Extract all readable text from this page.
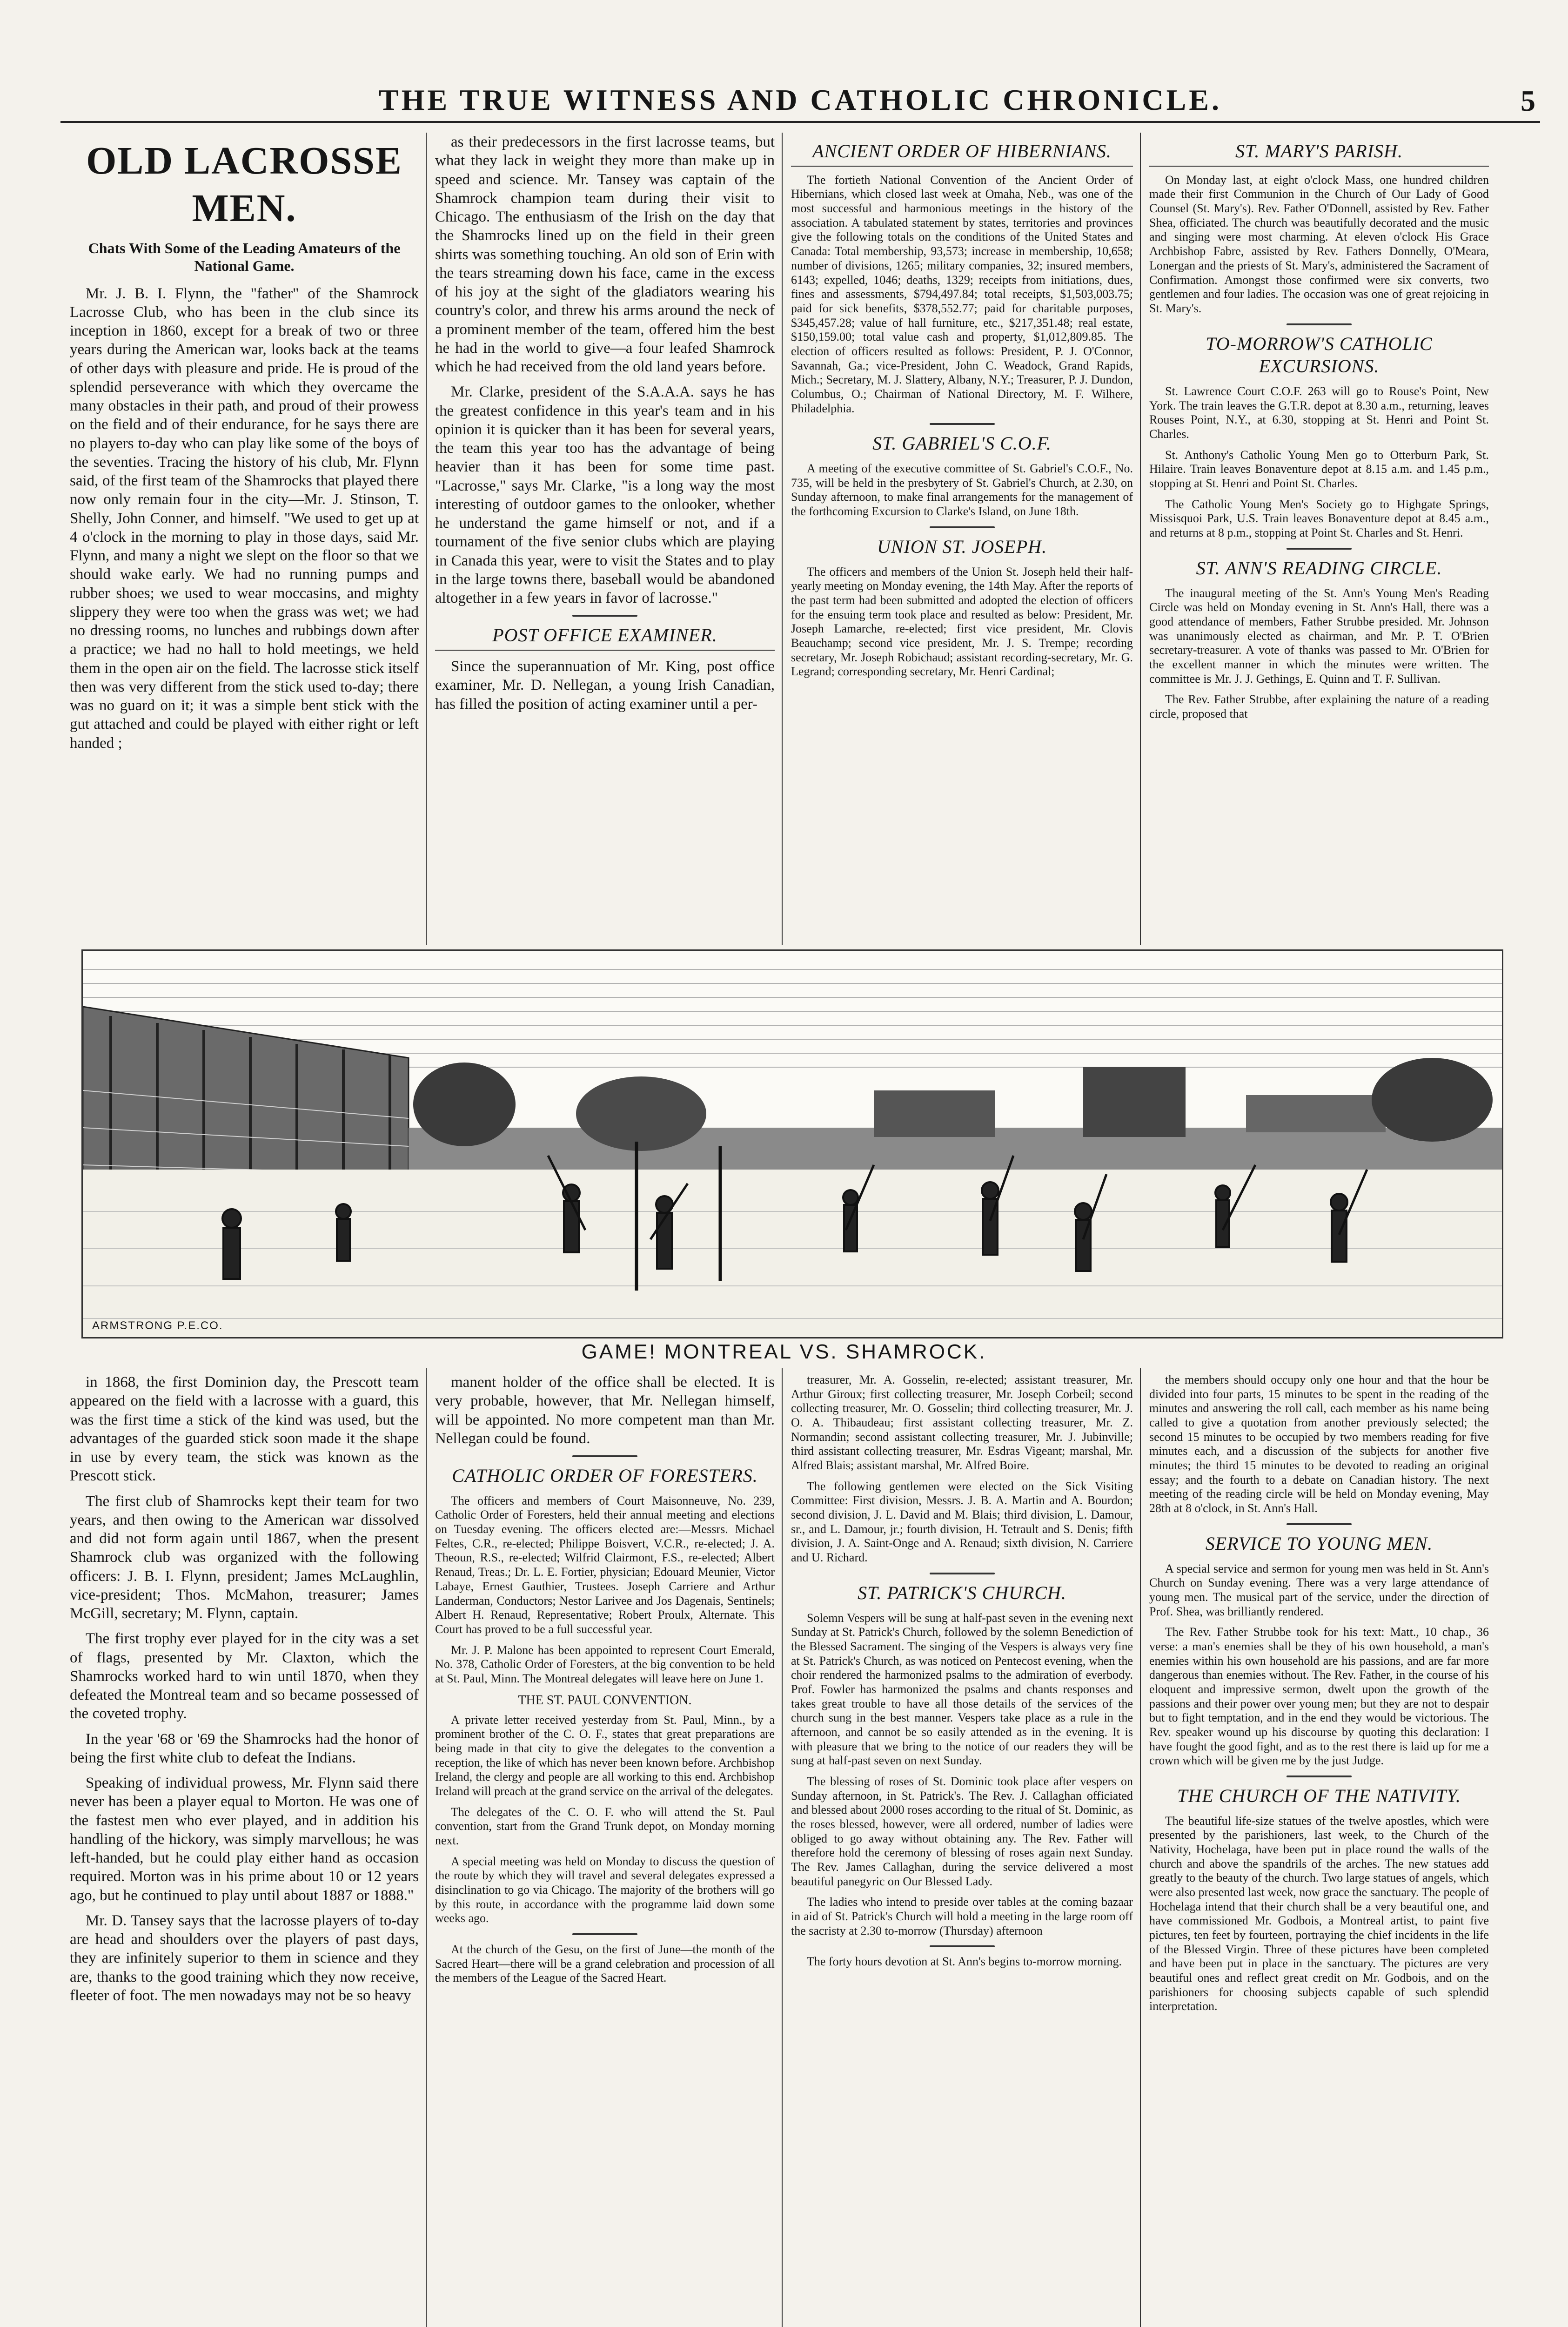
THE TRUE WITNESS AND CATHOLIC CHRONICLE.	5
OLD LACROSSE MEN.
Chats With Some of the Leading Amateurs of the National Game.

Mr. J. B. I. Flynn, the "father" of the Shamrock Lacrosse Club, who has been in the club since its inception in 1860, except for a break of two or three years during the American war, looks back at the teams of other days with pleasure and pride. He is proud of the splendid perseverance with which they overcame the many obstacles in their path, and proud of their prowess on the field and of their endurance, for he says there are no players to-day who can play like some of the boys of the seventies. Tracing the history of his club, Mr. Flynn said, of the first team of the Shamrocks that played there now only remain four in the city—Mr. J. Stinson, T. Shelly, John Conner, and himself. "We used to get up at 4 o'clock in the morning to play in those days, said Mr. Flynn, and many a night we slept on the floor so that we should wake early. We had no running pumps and rubber shoes; we used to wear moccasins, and mighty slippery they were too when the grass was wet; we had no dressing rooms, no lunches and rubbings down after a practice; we had no hall to hold meetings, we held them in the open air on the field. The lacrosse stick itself then was very different from the stick used to-day; there was no guard on it; it was a simple bent stick with the gut attached and could be played with either right or left handed ;

as their predecessors in the first lacrosse teams, but what they lack in weight they more than make up in speed and science. Mr. Tansey was captain of the Shamrock champion team during their visit to Chicago. The enthusiasm of the Irish on the day that the Shamrocks lined up on the field in their green shirts was something touching. An old son of Erin with the tears streaming down his face, came in the excess of his joy at the sight of the gladiators wearing his country's color, and threw his arms around the neck of a prominent member of the team, offered him the best he had in the world to give—a four leafed Shamrock which he had received from the old land years before.

Mr. Clarke, president of the S.A.A.A. says he has the greatest confidence in this year's team and in his opinion it is quicker than it has been for several years, the team this year too has the advantage of being heavier than it has been for some time past. "Lacrosse," says Mr. Clarke, "is a long way the most interesting of outdoor games to the onlooker, whether he understand the game himself or not, and if a tournament of the five senior clubs which are playing in Canada this year, were to visit the States and to play in the large towns there, baseball would be abandoned altogether in a few years in favor of lacrosse."

POST OFFICE EXAMINER.

Since the superannuation of Mr. King, post office examiner, Mr. D. Nellegan, a young Irish Canadian, has filled the position of acting examiner until a per-

ANCIENT ORDER OF HIBERNIANS.

The fortieth National Convention of the Ancient Order of Hibernians, which closed last week at Omaha, Neb., was one of the most successful and harmonious meetings in the history of the association. A tabulated statement by states, territories and provinces give the following totals on the conditions of the United States and Canada: Total membership, 93,573; increase in membership, 10,658; number of divisions, 1265; military companies, 32; insured members, 6143; expelled, 1046; deaths, 1329; receipts from initiations, dues, fines and assessments, $794,497.84; total receipts, $1,503,003.75; paid for sick benefits, $378,552.77; paid for charitable purposes, $345,457.28; value of hall furniture, etc., $217,351.48; real estate, $150,159.00; total value cash and property, $1,012,809.85. The election of officers resulted as follows: President, P. J. O'Connor, Savannah, Ga.; vice-President, John C. Weadock, Grand Rapids, Mich.; Secretary, M. J. Slattery, Albany, N.Y.; Treasurer, P. J. Dundon, Columbus, O.; Chairman of National Directory, M. F. Wilhere, Philadelphia.

ST. GABRIEL'S C.O.F.

A meeting of the executive committee of St. Gabriel's C.O.F., No. 735, will be held in the presbytery of St. Gabriel's Church, at 2.30, on Sunday afternoon, to make final arrangements for the management of the forthcoming Excursion to Clarke's Island, on June 18th.

UNION ST. JOSEPH.

The officers and members of the Union St. Joseph held their half-yearly meeting on Monday evening, the 14th May. After the reports of the past term had been submitted and adopted the election of officers for the ensuing term took place and resulted as below: President, Mr. Joseph Lamarche, re-elected; first vice president, Mr. Clovis Beauchamp; second vice president, Mr. J. S. Trempe; recording secretary, Mr. Joseph Robichaud; assistant recording-secretary, Mr. G. Legrand; corresponding secretary, Mr. Henri Cardinal;

ST. MARY'S PARISH.

On Monday last, at eight o'clock Mass, one hundred children made their first Communion in the Church of Our Lady of Good Counsel (St. Mary's). Rev. Father O'Donnell, assisted by Rev. Father Shea, officiated. The church was beautifully decorated and the music and singing were most charming. At eleven o'clock His Grace Archbishop Fabre, assisted by Rev. Fathers Donnelly, O'Meara, Lonergan and the priests of St. Mary's, administered the Sacrament of Confirmation. Amongst those confirmed were six converts, two gentlemen and four ladies. The occasion was one of great rejoicing in St. Mary's.

TO-MORROW'S CATHOLIC EXCURSIONS.

St. Lawrence Court C.O.F. 263 will go to Rouse's Point, New York. The train leaves the G.T.R. depot at 8.30 a.m., returning, leaves Rouses Point, N.Y., at 6.30, stopping at St. Henri and Point St. Charles.

St. Anthony's Catholic Young Men go to Otterburn Park, St. Hilaire. Train leaves Bonaventure depot at 8.15 a.m. and 1.45 p.m., stopping at St. Henri and Point St. Charles.

The Catholic Young Men's Society go to Highgate Springs, Missisquoi Park, U.S. Train leaves Bonaventure depot at 8.45 a.m., and returns at 8 p.m., stopping at Point St. Charles and St. Henri.

ST. ANN'S READING CIRCLE.

The inaugural meeting of the St. Ann's Young Men's Reading Circle was held on Monday evening in St. Ann's Hall, there was a good attendance of members, Father Strubbe presided. Mr. Johnson was unanimously elected as chairman, and Mr. P. T. O'Brien secretary-treasurer. A vote of thanks was passed to Mr. O'Brien for the excellent manner in which the minutes were written. The committee is Mr. J. J. Gethings, E. Quinn and T. F. Sullivan.

The Rev. Father Strubbe, after explaining the nature of a reading circle, proposed that

ARMSTRONG P.E.CO.
GAME! MONTREAL VS. SHAMROCK.

in 1868, the first Dominion day, the Prescott team appeared on the field with a lacrosse with a guard, this was the first time a stick of the kind was used, but the advantages of the guarded stick soon made it the shape in use by every team, the stick was known as the Prescott stick.

The first club of Shamrocks kept their team for two years, and then owing to the American war dissolved and did not form again until 1867, when the present Shamrock club was organized with the following officers: J. B. I. Flynn, president; James McLaughlin, vice-president; Thos. McMahon, treasurer; James McGill, secretary; M. Flynn, captain.

The first trophy ever played for in the city was a set of flags, presented by Mr. Claxton, which the Shamrocks worked hard to win until 1870, when they defeated the Montreal team and so became possessed of the coveted trophy.

In the year '68 or '69 the Shamrocks had the honor of being the first white club to defeat the Indians.

Speaking of individual prowess, Mr. Flynn said there never has been a player equal to Morton. He was one of the fastest men who ever played, and in addition his handling of the hickory, was simply marvellous; he was left-handed, but he could play either hand as occasion required. Morton was in his prime about 10 or 12 years ago, but he continued to play until about 1887 or 1888."

Mr. D. Tansey says that the lacrosse players of to-day are head and shoulders over the players of past days, they are infinitely superior to them in science and they are, thanks to the good training which they now receive, fleeter of foot. The men nowadays may not be so heavy

manent holder of the office shall be elected. It is very probable, however, that Mr. Nellegan himself, will be appointed. No more competent man than Mr. Nellegan could be found.

CATHOLIC ORDER OF FORESTERS.

The officers and members of Court Maisonneuve, No. 239, Catholic Order of Foresters, held their annual meeting and elections on Tuesday evening. The officers elected are:—Messrs. Michael Feltes, C.R., re-elected; Philippe Boisvert, V.C.R., re-elected; J. A. Theoun, R.S., re-elected; Wilfrid Clairmont, F.S., re-elected; Albert Renaud, Treas.; Dr. L. E. Fortier, physician; Edouard Meunier, Victor Labaye, Ernest Gauthier, Trustees. Joseph Carriere and Arthur Landerman, Conductors; Nestor Larivee and Jos Dagenais, Sentinels; Albert H. Renaud, Representative; Robert Proulx, Alternate. This Court has proved to be a full successful year.

Mr. J. P. Malone has been appointed to represent Court Emerald, No. 378, Catholic Order of Foresters, at the big convention to be held at St. Paul, Minn. The Montreal delegates will leave here on June 1.

THE ST. PAUL CONVENTION.

A private letter received yesterday from St. Paul, Minn., by a prominent brother of the C. O. F., states that great preparations are being made in that city to give the delegates to the convention a reception, the like of which has never been known before. Archbishop Ireland, the clergy and people are all working to this end. Archbishop Ireland will preach at the grand service on the arrival of the delegates.

The delegates of the C. O. F. who will attend the St. Paul convention, start from the Grand Trunk depot, on Monday morning next.

A special meeting was held on Monday to discuss the question of the route by which they will travel and several delegates expressed a disinclination to go via Chicago. The majority of the brothers will go by this route, in accordance with the programme laid down some weeks ago.

At the church of the Gesu, on the first of June—the month of the Sacred Heart—there will be a grand celebration and procession of all the members of the League of the Sacred Heart.

treasurer, Mr. A. Gosselin, re-elected; assistant treasurer, Mr. Arthur Giroux; first collecting treasurer, Mr. Joseph Corbeil; second collecting treasurer, Mr. O. Gosselin; third collecting treasurer, Mr. J. O. A. Thibaudeau; first assistant collecting treasurer, Mr. Z. Normandin; second assistant collecting treasurer, Mr. J. Jubinville; third assistant collecting treasurer, Mr. Esdras Vigeant; marshal, Mr. Alfred Blais; assistant marshal, Mr. Alfred Boire.

The following gentlemen were elected on the Sick Visiting Committee: First division, Messrs. J. B. A. Martin and A. Bourdon; second division, J. L. David and M. Blais; third division, L. Damour, sr., and L. Damour, jr.; fourth division, H. Tetrault and S. Denis; fifth division, J. A. Saint-Onge and A. Renaud; sixth division, N. Carriere and U. Richard.

ST. PATRICK'S CHURCH.

Solemn Vespers will be sung at half-past seven in the evening next Sunday at St. Patrick's Church, followed by the solemn Benediction of the Blessed Sacrament. The singing of the Vespers is always very fine at St. Patrick's Church, as was noticed on Pentecost evening, when the choir rendered the harmonized psalms to the admiration of everbody. Prof. Fowler has harmonized the psalms and chants responses and takes great trouble to have all those details of the services of the church sung in the best manner. Vespers take place as a rule in the afternoon, and cannot be so easily attended as in the evening. It is with pleasure that we bring to the notice of our readers they will be sung at half-past seven on next Sunday.

The blessing of roses of St. Dominic took place after vespers on Sunday afternoon, in St. Patrick's. The Rev. J. Callaghan officiated and blessed about 2000 roses according to the ritual of St. Dominic, as the roses blessed, however, were all ordered, number of ladies were obliged to go away without obtaining any. The Rev. Father will therefore hold the ceremony of blessing of roses again next Sunday. The Rev. James Callaghan, during the service delivered a most beautiful panegyric on Our Blessed Lady.

The ladies who intend to preside over tables at the coming bazaar in aid of St. Patrick's Church will hold a meeting in the large room off the sacristy at 2.30 to-morrow (Thursday) afternoon

The forty hours devotion at St. Ann's begins to-morrow morning.

the members should occupy only one hour and that the hour be divided into four parts, 15 minutes to be spent in the reading of the minutes and answering the roll call, each member as his name being called to give a quotation from another previously selected; the second 15 minutes to be occupied by two members reading for five minutes each, and a discussion of the subjects for another five minutes; the third 15 minutes to be devoted to reading an original essay; and the fourth to a debate on Canadian history. The next meeting of the reading circle will be held on Monday evening, May 28th at 8 o'clock, in St. Ann's Hall.

SERVICE TO YOUNG MEN.

A special service and sermon for young men was held in St. Ann's Church on Sunday evening. There was a very large attendance of young men. The musical part of the service, under the direction of Prof. Shea, was brilliantly rendered.

The Rev. Father Strubbe took for his text: Matt., 10 chap., 36 verse: a man's enemies shall be they of his own household, a man's enemies within his own household are his passions, and are far more dangerous than enemies without. The Rev. Father, in the course of his eloquent and impressive sermon, dwelt upon the growth of the passions and their power over young men; but they are not to despair but to fight temptation, and in the end they would be victorious. The Rev. speaker wound up his discourse by quoting this declaration: I have fought the good fight, and as to the rest there is laid up for me a crown which will be given me by the just Judge.

THE CHURCH OF THE NATIVITY.

The beautiful life-size statues of the twelve apostles, which were presented by the parishioners, last week, to the Church of the Nativity, Hochelaga, have been put in place round the walls of the church and above the spandrils of the arches. The new statues add greatly to the beauty of the church. Two large statues of angels, which were also presented last week, now grace the sanctuary. The people of Hochelaga intend that their church shall be a very beautiful one, and have commissioned Mr. Godbois, a Montreal artist, to paint five pictures, ten feet by fourteen, portraying the chief incidents in the life of the Blessed Virgin. Three of these pictures have been completed and have been put in place in the sanctuary. The pictures are very beautiful ones and reflect great credit on Mr. Godbois, and on the parishioners for choosing subjects capable of such splendid interpretation.
